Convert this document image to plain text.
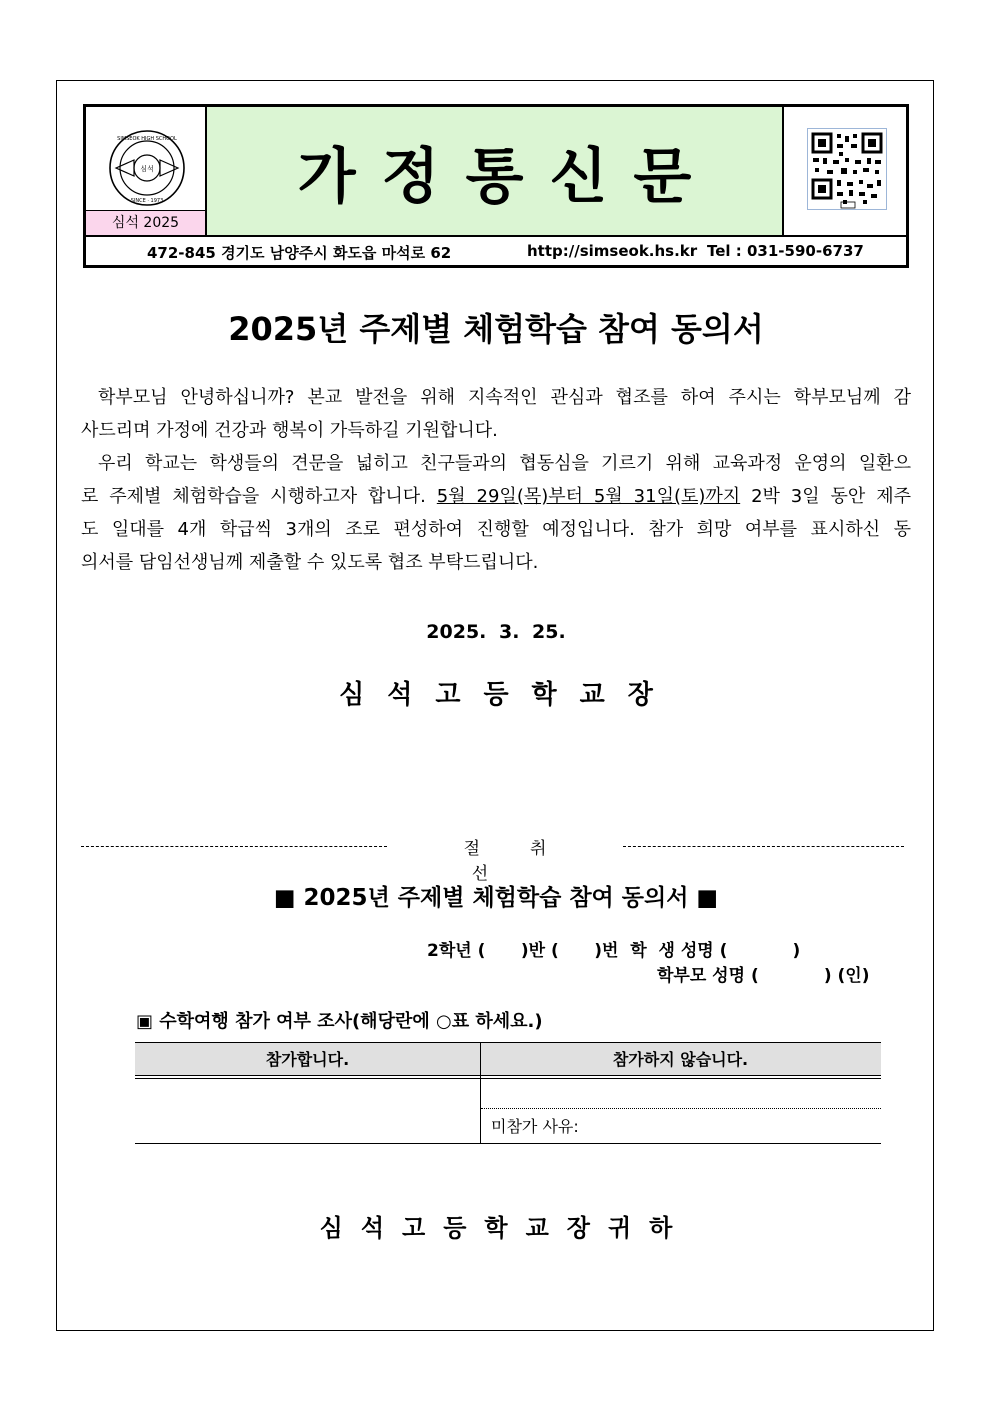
심석
SIMSEOK HIGH SCHOOL
SINCE · 1973
심석 2025
가정통신문
472-845 경기도 남양주시 화도읍 마석로 62	http://simseok.hs.kr Tel : 031-590-6737
2025년 주제별 체험학습 참여 동의서
학부모님 안녕하십니까? 본교 발전을 위해 지속적인 관심과 협조를 하여 주시는 학부모님께 감
사드리며 가정에 건강과 행복이 가득하길 기원합니다.
우리 학교는 학생들의 견문을 넓히고 친구들과의 협동심을 기르기 위해 교육과정 운영의 일환으
로 주제별 체험학습을 시행하고자 합니다. 5월 29일(목)부터 5월 31일(토)까지 2박 3일 동안 제주
도 일대를 4개 학급씩 3개의 조로 편성하여 진행할 예정입니다. 참가 희망 여부를 표시하신 동
의서를 담임선생님께 제출할 수 있도록 협조 부탁드립니다.
2025. 3. 25.
심석고등학교장
절취선
■ 2025년 주제별 체험학습 참여 동의서 ■
2학년 (      )반 (      )번  학  생 성명 (           )
학부모 성명 (           ) (인)
▣ 수학여행 참가 여부 조사(해당란에 ○표 하세요.)
참가합니다.	참가하지 않습니다.
미참가 사유:
심석고등학교장귀하
